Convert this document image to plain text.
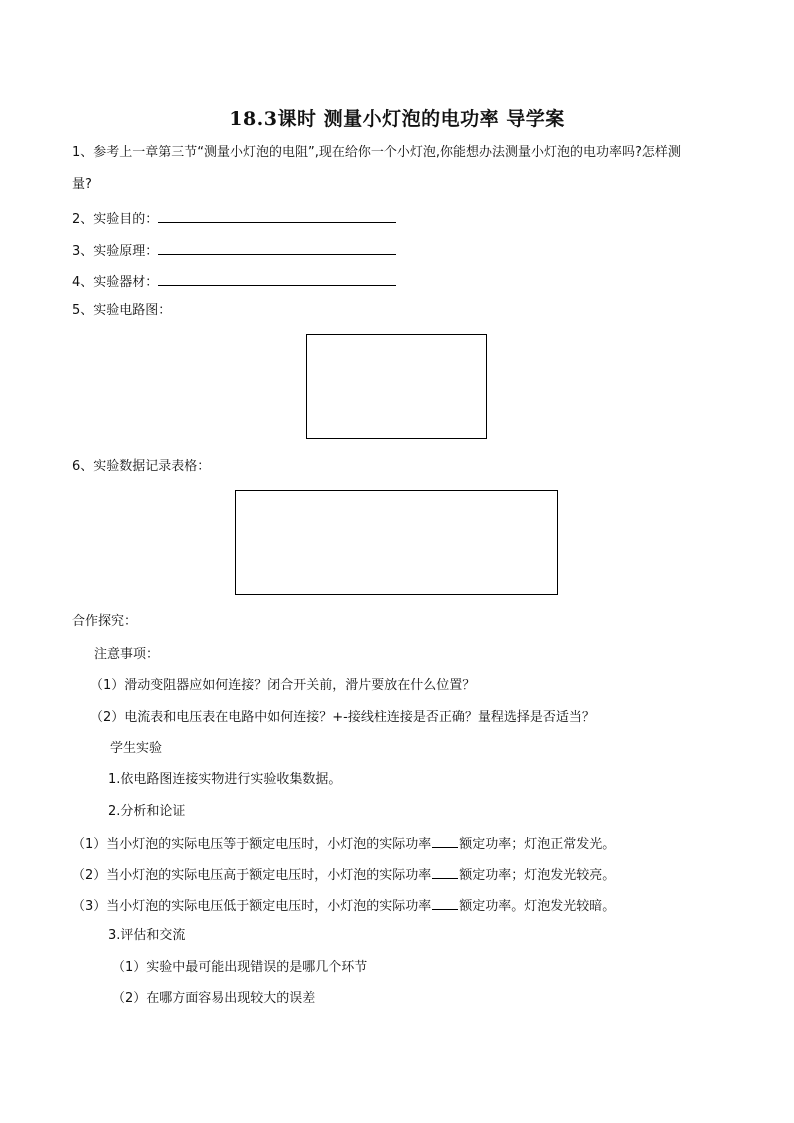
18.3课时 测量小灯泡的电功率 导学案
1、参考上一章第三节“测量小灯泡的电阻”,现在给你一个小灯泡,你能想办法测量小灯泡的电功率吗?怎样测
量?
2、实验目的：
3、实验原理：
4、实验器材：
5、实验电路图：
6、实验数据记录表格：
合作探究：
注意事项：
（1）滑动变阻器应如何连接？闭合开关前，滑片要放在什么位置？
（2）电流表和电压表在电路中如何连接？+-接线柱连接是否正确？量程选择是否适当？
学生实验
1.依电路图连接实物进行实验收集数据。
2.分析和论证
（1）当小灯泡的实际电压等于额定电压时，小灯泡的实际功率 额定功率；灯泡正常发光。
（2）当小灯泡的实际电压高于额定电压时，小灯泡的实际功率 额定功率；灯泡发光较亮。
（3）当小灯泡的实际电压低于额定电压时，小灯泡的实际功率 额定功率。灯泡发光较暗。
3.评估和交流
（1）实验中最可能出现错误的是哪几个环节
（2）在哪方面容易出现较大的误差
